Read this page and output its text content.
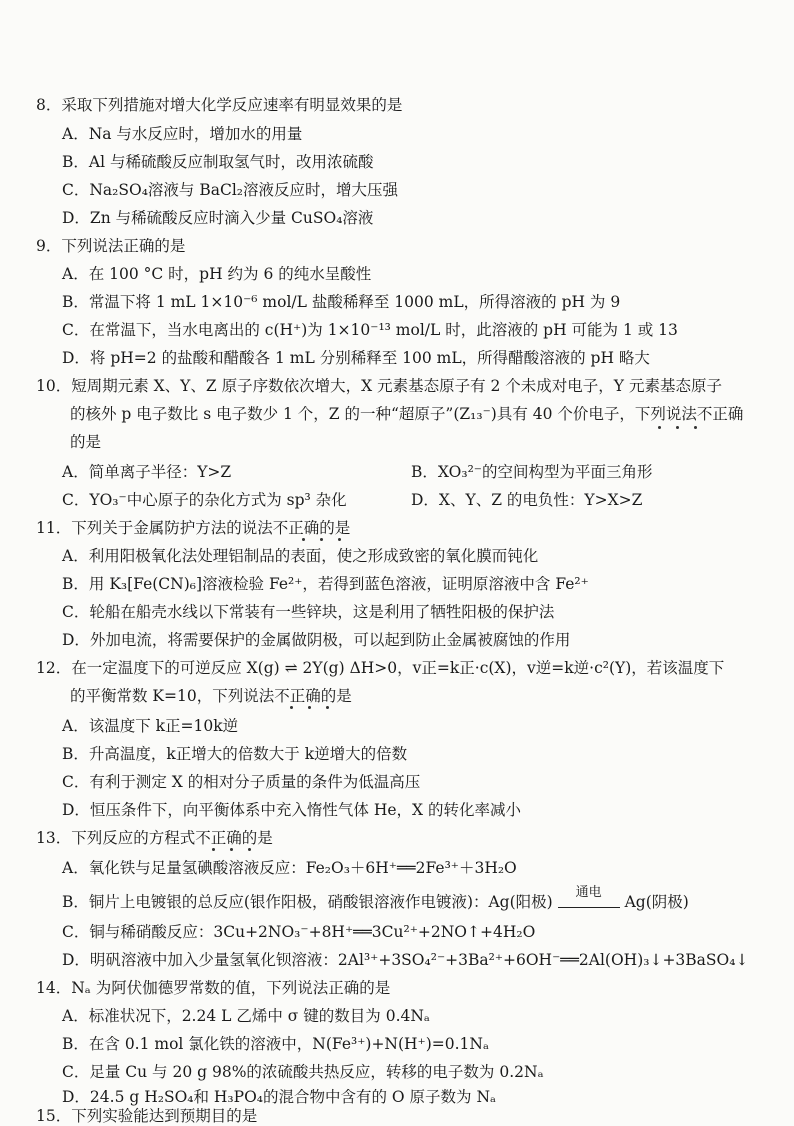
8．采取下列措施对增大化学反应速率有明显效果的是
A．Na 与水反应时，增加水的用量
B．Al 与稀硫酸反应制取氢气时，改用浓硫酸
C．Na₂SO₄溶液与 BaCl₂溶液反应时，增大压强
D．Zn 与稀硫酸反应时滴入少量 CuSO₄溶液
9．下列说法正确的是
A．在 100 °C 时，pH 约为 6 的纯水呈酸性
B．常温下将 1 mL 1×10⁻⁶ mol/L 盐酸稀释至 1000 mL，所得溶液的 pH 为 9
C．在常温下，当水电离出的 c(H⁺)为 1×10⁻¹³ mol/L 时，此溶液的 pH 可能为 1 或 13
D．将 pH=2 的盐酸和醋酸各 1 mL 分别稀释至 100 mL，所得醋酸溶液的 pH 略大
10．短周期元素 X、Y、Z 原子序数依次增大，X 元素基态原子有 2 个未成对电子，Y 元素基态原子
的核外 p 电子数比 s 电子数少 1 个，Z 的一种“超原子”(Z₁₃⁻)具有 40 个价电子，下列说法不正确
的是
A．简单离子半径：Y>Z	B．XO₃²⁻的空间构型为平面三角形
C．YO₃⁻中心原子的杂化方式为 sp³ 杂化	D．X、Y、Z 的电负性：Y>X>Z
11．下列关于金属防护方法的说法不正确的是
A．利用阳极氧化法处理铝制品的表面，使之形成致密的氧化膜而钝化
B．用 K₃[Fe(CN)₆]溶液检验 Fe²⁺，若得到蓝色溶液，证明原溶液中含 Fe²⁺
C．轮船在船壳水线以下常装有一些锌块，这是利用了牺牲阳极的保护法
D．外加电流，将需要保护的金属做阴极，可以起到防止金属被腐蚀的作用
12．在一定温度下的可逆反应 X(g) ⇌ 2Y(g) ΔH>0，v正=k正·c(X)，v逆=k逆·c²(Y)，若该温度下
的平衡常数 K=10，下列说法不正确的是
A．该温度下 k正=10k逆
B．升高温度，k正增大的倍数大于 k逆增大的倍数
C．有利于测定 X 的相对分子质量的条件为低温高压
D．恒压条件下，向平衡体系中充入惰性气体 He，X 的转化率减小
13．下列反应的方程式不正确的是
A．氧化铁与足量氢碘酸溶液反应：Fe₂O₃＋6H⁺══2Fe³⁺＋3H₂O
B．铜片上电镀银的总反应(银作阳极，硝酸银溶液作电镀液)：Ag(阳极)
通电
Ag(阴极)
C．铜与稀硝酸反应：3Cu+2NO₃⁻+8H⁺══3Cu²⁺+2NO↑+4H₂O
D．明矾溶液中加入少量氢氧化钡溶液：2Al³⁺+3SO₄²⁻+3Ba²⁺+6OH⁻══2Al(OH)₃↓+3BaSO₄↓
14．Nₐ 为阿伏伽德罗常数的值，下列说法正确的是
A．标准状况下，2.24 L 乙烯中 σ 键的数目为 0.4Nₐ
B．在含 0.1 mol 氯化铁的溶液中，N(Fe³⁺)+N(H⁺)=0.1Nₐ
C．足量 Cu 与 20 g 98%的浓硫酸共热反应，转移的电子数为 0.2Nₐ
D．24.5 g H₂SO₄和 H₃PO₄的混合物中含有的 O 原子数为 Nₐ
15．下列实验能达到预期目的是
